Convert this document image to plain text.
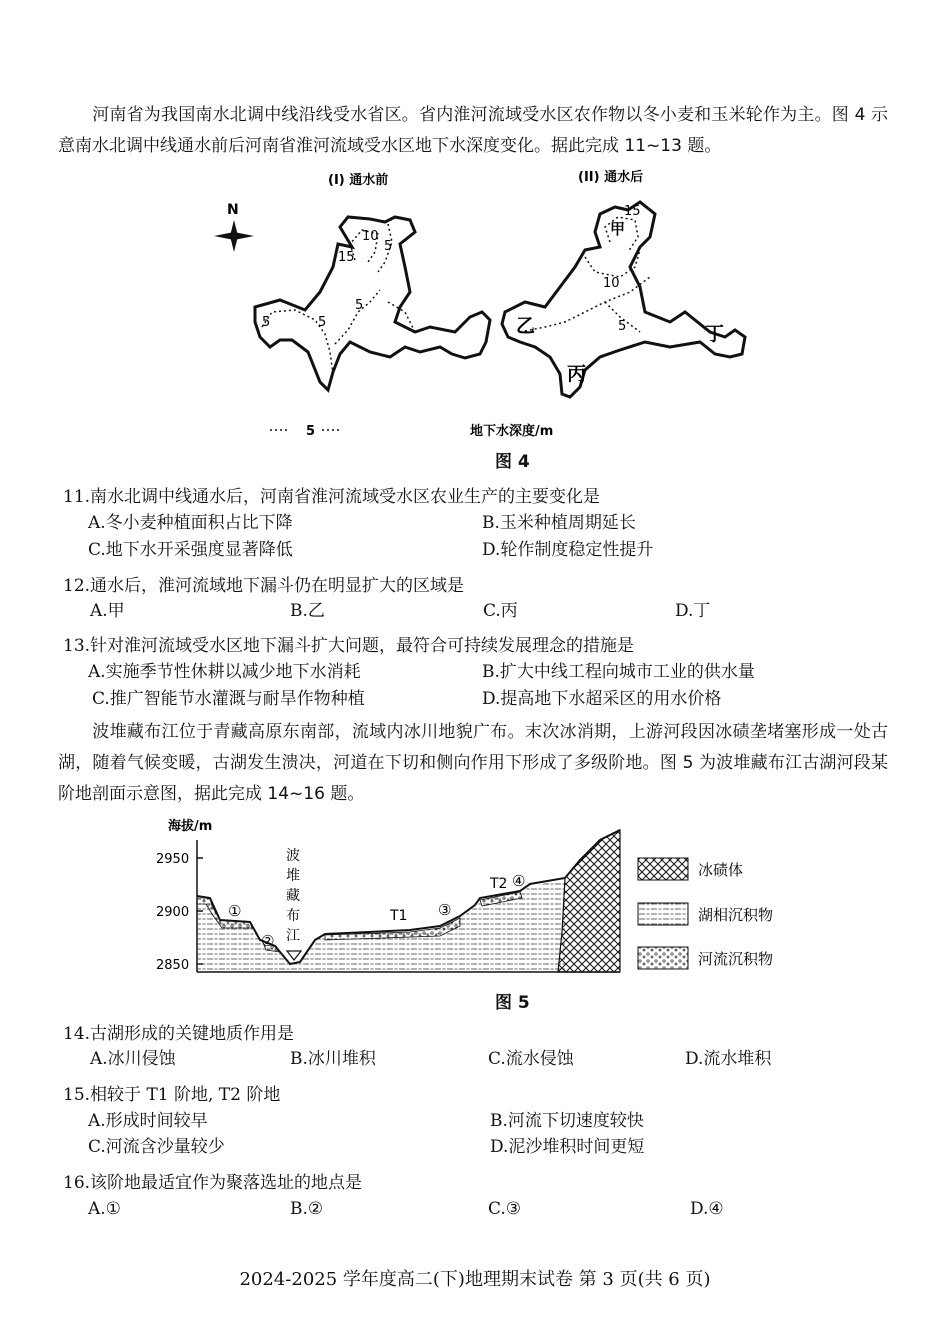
河南省为我国南水北调中线沿线受水省区。省内淮河流域受水区农作物以冬小麦和玉米轮作为主。图 4 示意南水北调中线通水前后河南省淮河流域受水区地下水深度变化。据此完成 11~13 题。
(I) 通水前	(II) 通水后
N
10
15
5
5	5
5
15
甲
10
乙	5	丁
丙
5	地下水深度/m
图 4
11.南水北调中线通水后，河南省淮河流域受水区农业生产的主要变化是
A.冬小麦种植面积占比下降	B.玉米种植周期延长
C.地下水开采强度显著降低	D.轮作制度稳定性提升
12.通水后，淮河流域地下漏斗仍在明显扩大的区域是
A.甲	B.乙	C.丙	D.丁
13.针对淮河流域受水区地下漏斗扩大问题，最符合可持续发展理念的措施是
A.实施季节性休耕以减少地下水消耗	B.扩大中线工程向城市工业的供水量
C.推广智能节水灌溉与耐旱作物种植	D.提高地下水超采区的用水价格
波堆藏布江位于青藏高原东南部，流域内冰川地貌广布。末次冰消期，上游河段因冰碛垄堵塞形成一处古湖，随着气候变暖，古湖发生溃决，河道在下切和侧向作用下形成了多级阶地。图 5 为波堆藏布江古湖河段某阶地剖面示意图，据此完成 14~16 题。
海拔/m
2950
2900
2850
波
堆
藏
布
江
T1
T2
①
②
③
④
冰碛体
湖相沉积物
河流沉积物
图 5
14.古湖形成的关键地质作用是
A.冰川侵蚀	B.冰川堆积	C.流水侵蚀	D.流水堆积
15.相较于 T1 阶地, T2 阶地
A.形成时间较早	B.河流下切速度较快
C.河流含沙量较少	D.泥沙堆积时间更短
16.该阶地最适宜作为聚落选址的地点是
A.①	B.②	C.③	D.④
2024-2025 学年度高二(下)地理期末试卷 第 3 页(共 6 页)
